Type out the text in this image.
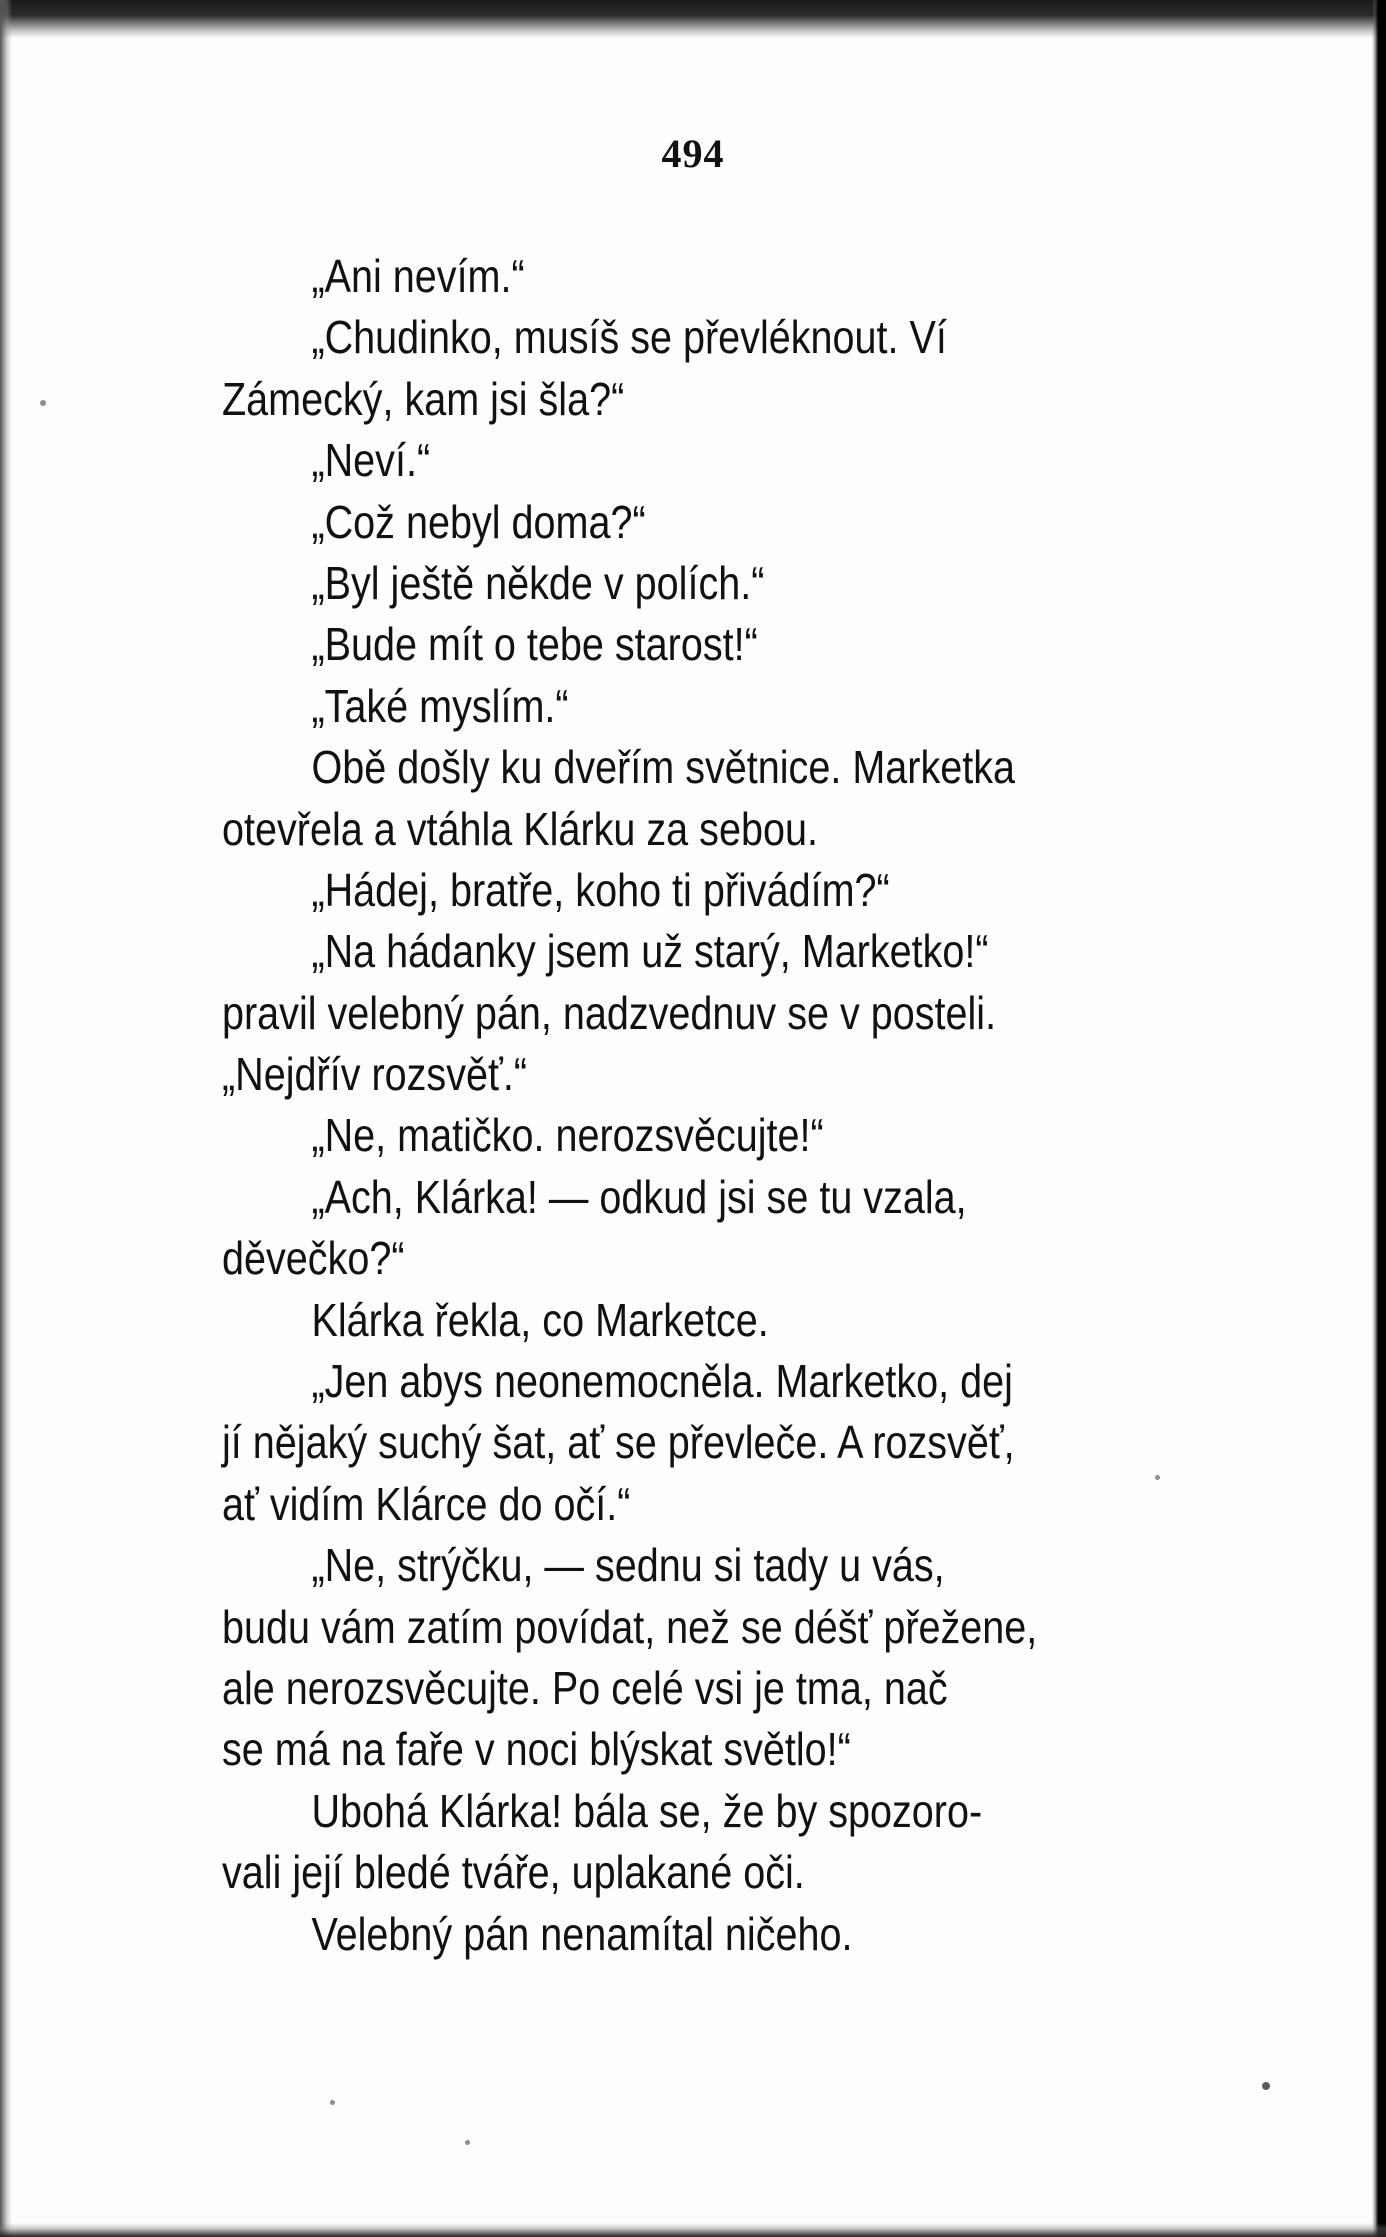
494
„Ani nevím.“
„Chudinko, musíš se převléknout. Ví
Zámecký, kam jsi šla?“
„Neví.“
„Což nebyl doma?“
„Byl ještě někde v polích.“
„Bude mít o tebe starost!“
„Také myslím.“
Obě došly ku dveřím světnice. Marketka
otevřela a vtáhla Klárku za sebou.
„Hádej, bratře, koho ti přivádím?“
„Na hádanky jsem už starý, Marketko!“
pravil velebný pán, nadzvednuv se v posteli.
„Nejdřív rozsvěť.“
„Ne, matičko. nerozsvěcujte!“
„Ach, Klárka! — odkud jsi se tu vzala,
děvečko?“
Klárka řekla, co Marketce.
„Jen abys neonemocněla. Marketko, dej
jí nějaký suchý šat, ať se převleče. A rozsvěť,
ať vidím Klárce do očí.“
„Ne, strýčku, — sednu si tady u vás,
budu vám zatím povídat, než se déšť přežene,
ale nerozsvěcujte. Po celé vsi je tma, nač
se má na faře v noci blýskat světlo!“
Ubohá Klárka! bála se, že by spozoro-
vali její bledé tváře, uplakané oči.
Velebný pán nenamítal ničeho.
